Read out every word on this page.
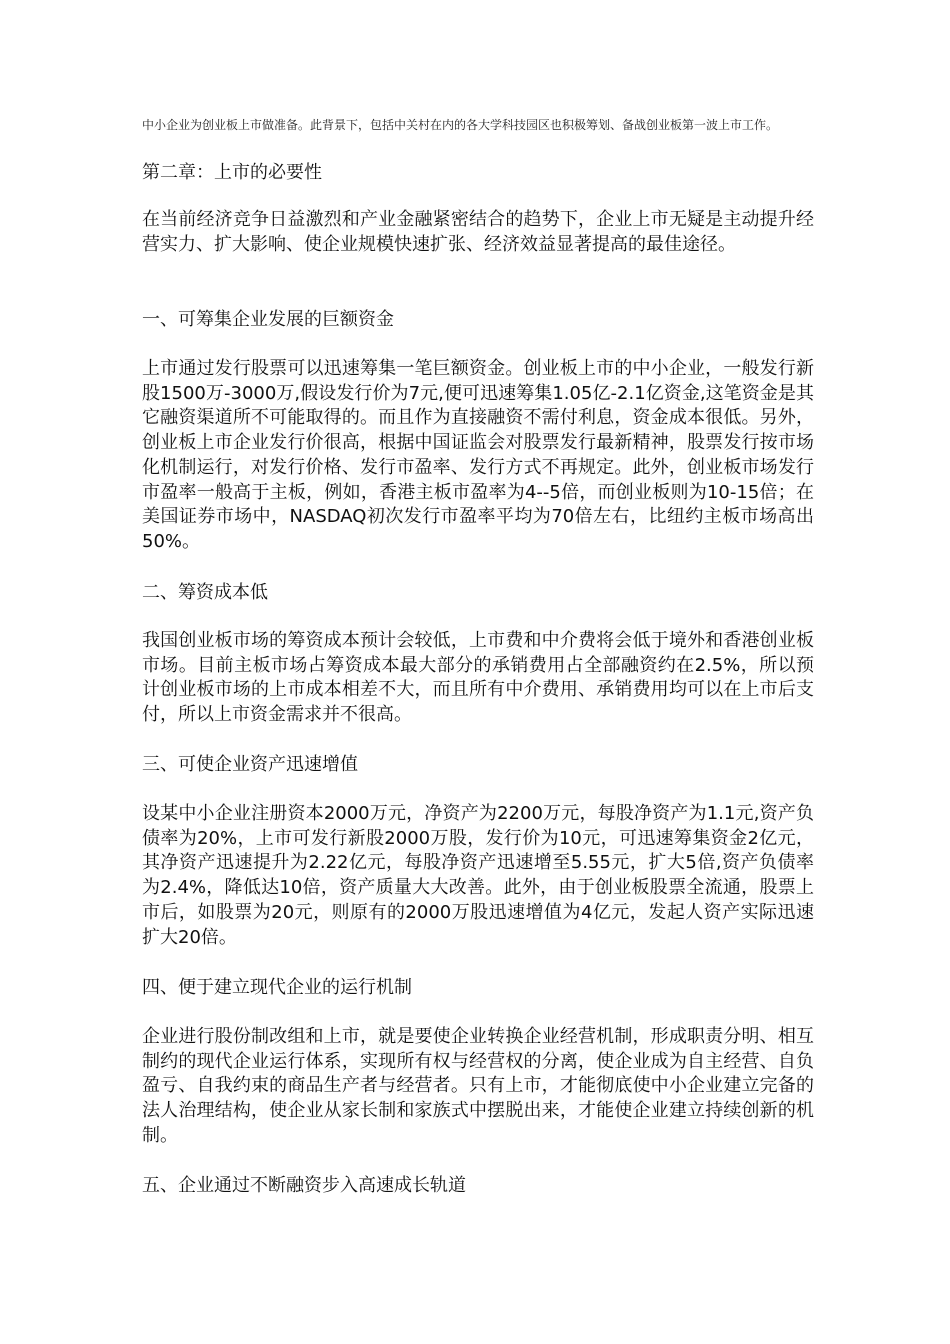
中小企业为创业板上市做准备。此背景下，包括中关村在内的各大学科技园区也积极筹划、备战创业板第一波上市工作。
第二章：上市的必要性
在当前经济竞争日益激烈和产业金融紧密结合的趋势下，企业上市无疑是主动提升经营实力、扩大影响、使企业规模快速扩张、经济效益显著提高的最佳途径。
一、可筹集企业发展的巨额资金
上市通过发行股票可以迅速筹集一笔巨额资金。创业板上市的中小企业，一般发行新股1500万-3000万,假设发行价为7元,便可迅速筹集1.05亿-2.1亿资金,这笔资金是其它融资渠道所不可能取得的。而且作为直接融资不需付利息，资金成本很低。另外，创业板上市企业发行价很高，根据中国证监会对股票发行最新精神，股票发行按市场化机制运行，对发行价格、发行市盈率、发行方式不再规定。此外，创业板市场发行市盈率一般高于主板，例如，香港主板市盈率为4--5倍，而创业板则为10-15倍；在美国证券市场中，NASDAQ初次发行市盈率平均为70倍左右，比纽约主板市场高出50%。
二、筹资成本低
我国创业板市场的筹资成本预计会较低，上市费和中介费将会低于境外和香港创业板市场。目前主板市场占筹资成本最大部分的承销费用占全部融资约在2.5%，所以预计创业板市场的上市成本相差不大，而且所有中介费用、承销费用均可以在上市后支付，所以上市资金需求并不很高。
三、可使企业资产迅速增值
设某中小企业注册资本2000万元，净资产为2200万元，每股净资产为1.1元,资产负债率为20%，上市可发行新股2000万股，发行价为10元，可迅速筹集资金2亿元，其净资产迅速提升为2.22亿元，每股净资产迅速增至5.55元，扩大5倍,资产负债率为2.4%，降低达10倍，资产质量大大改善。此外，由于创业板股票全流通，股票上市后，如股票为20元，则原有的2000万股迅速增值为4亿元，发起人资产实际迅速扩大20倍。
四、便于建立现代企业的运行机制
企业进行股份制改组和上市，就是要使企业转换企业经营机制，形成职责分明、相互制约的现代企业运行体系，实现所有权与经营权的分离，使企业成为自主经营、自负盈亏、自我约束的商品生产者与经营者。只有上市，才能彻底使中小企业建立完备的法人治理结构，使企业从家长制和家族式中摆脱出来，才能使企业建立持续创新的机制。
五、企业通过不断融资步入高速成长轨道
